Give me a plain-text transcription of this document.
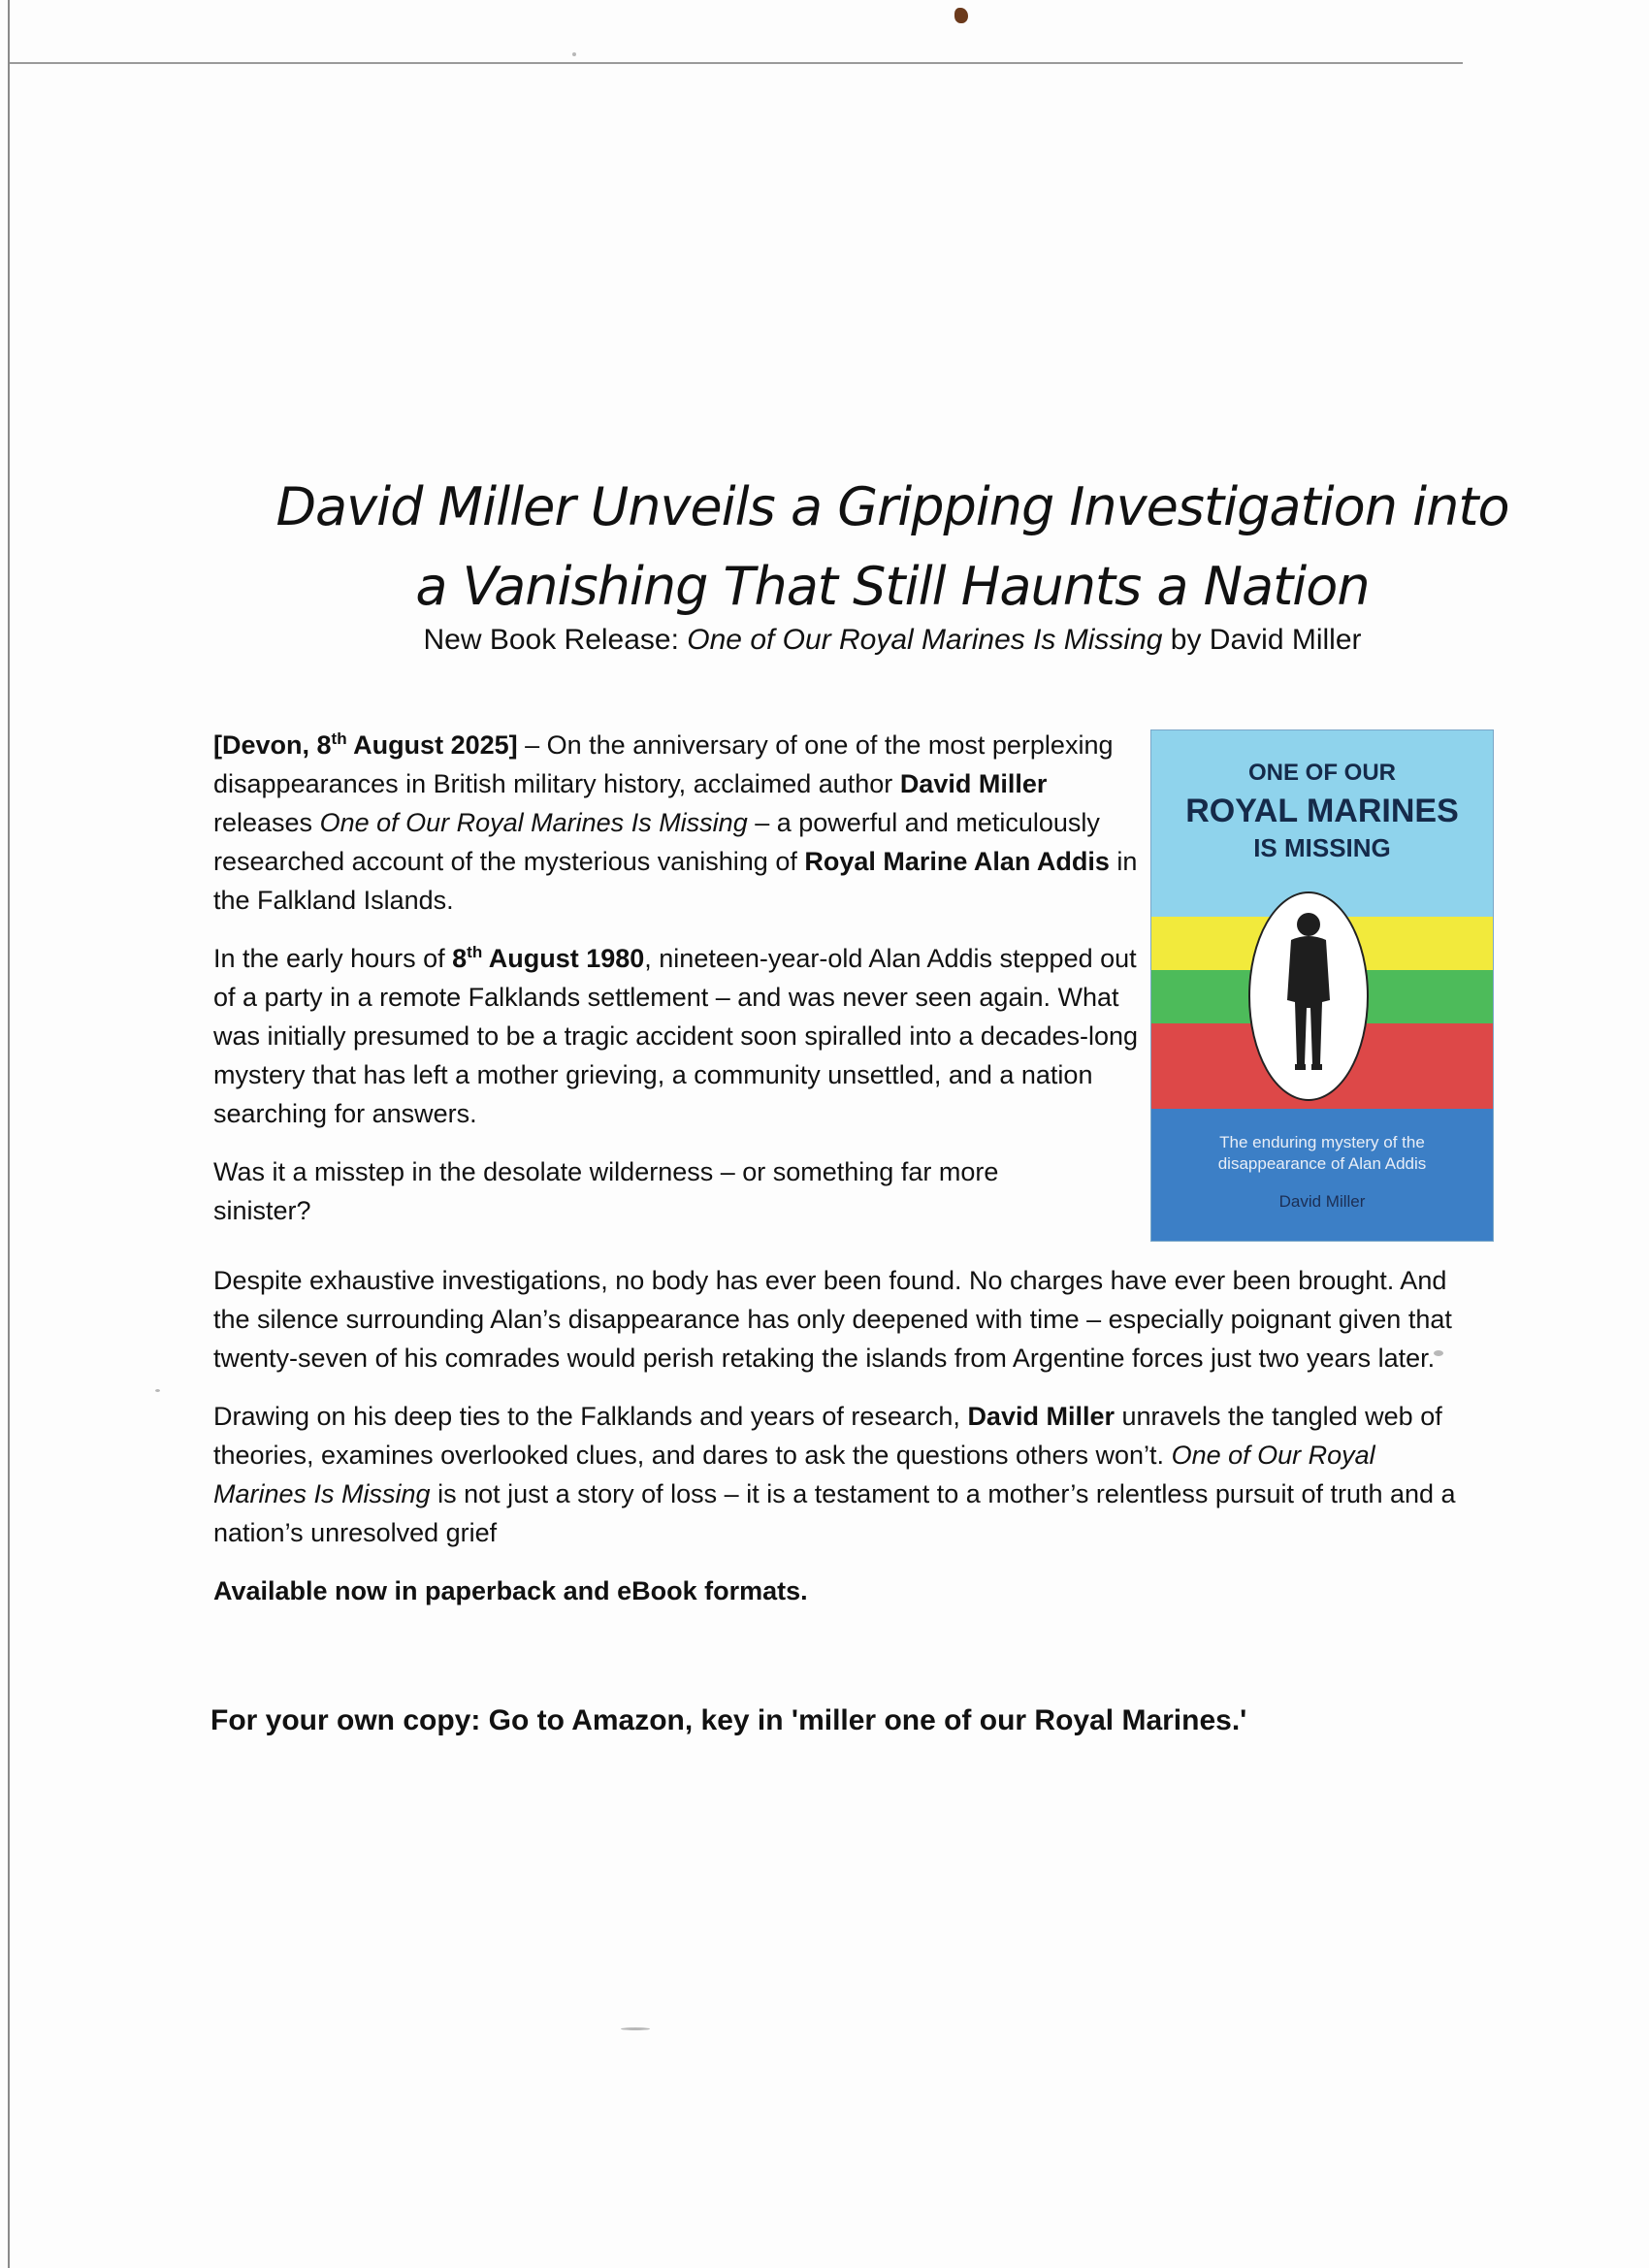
David Miller Unveils a Gripping Investigation into
a Vanishing That Still Haunts a Nation
New Book Release: One of Our Royal Marines Is Missing by David Miller

[Devon, 8th August 2025] – On the anniversary of one of the most perplexing disappearances in British military history, acclaimed author David Miller releases One of Our Royal Marines Is Missing – a powerful and meticulously researched account of the mysterious vanishing of Royal Marine Alan Addis in the Falkland Islands.

In the early hours of 8th August 1980, nineteen-year-old Alan Addis stepped out of a party in a remote Falklands settlement – and was never seen again. What was initially presumed to be a tragic accident soon spiralled into a decades-long mystery that has left a mother grieving, a community unsettled, and a nation searching for answers.

Was it a misstep in the desolate wilderness – or something far more sinister?

Despite exhaustive investigations, no body has ever been found. No charges have ever been brought. And the silence surrounding Alan’s disappearance has only deepened with time – especially poignant given that twenty-seven of his comrades would perish retaking the islands from Argentine forces just two years later.

Drawing on his deep ties to the Falklands and years of research, David Miller unravels the tangled web of theories, examines overlooked clues, and dares to ask the questions others won’t. One of Our Royal Marines Is Missing is not just a story of loss – it is a testament to a mother’s relentless pursuit of truth and a nation’s unresolved grief

Available now in paperback and eBook formats.

For your own copy: Go to Amazon, key in 'miller one of our Royal Marines.'
ONE OF OUR
ROYAL MARINES
IS MISSING
The enduring mystery of the
disappearance of Alan Addis
David Miller
